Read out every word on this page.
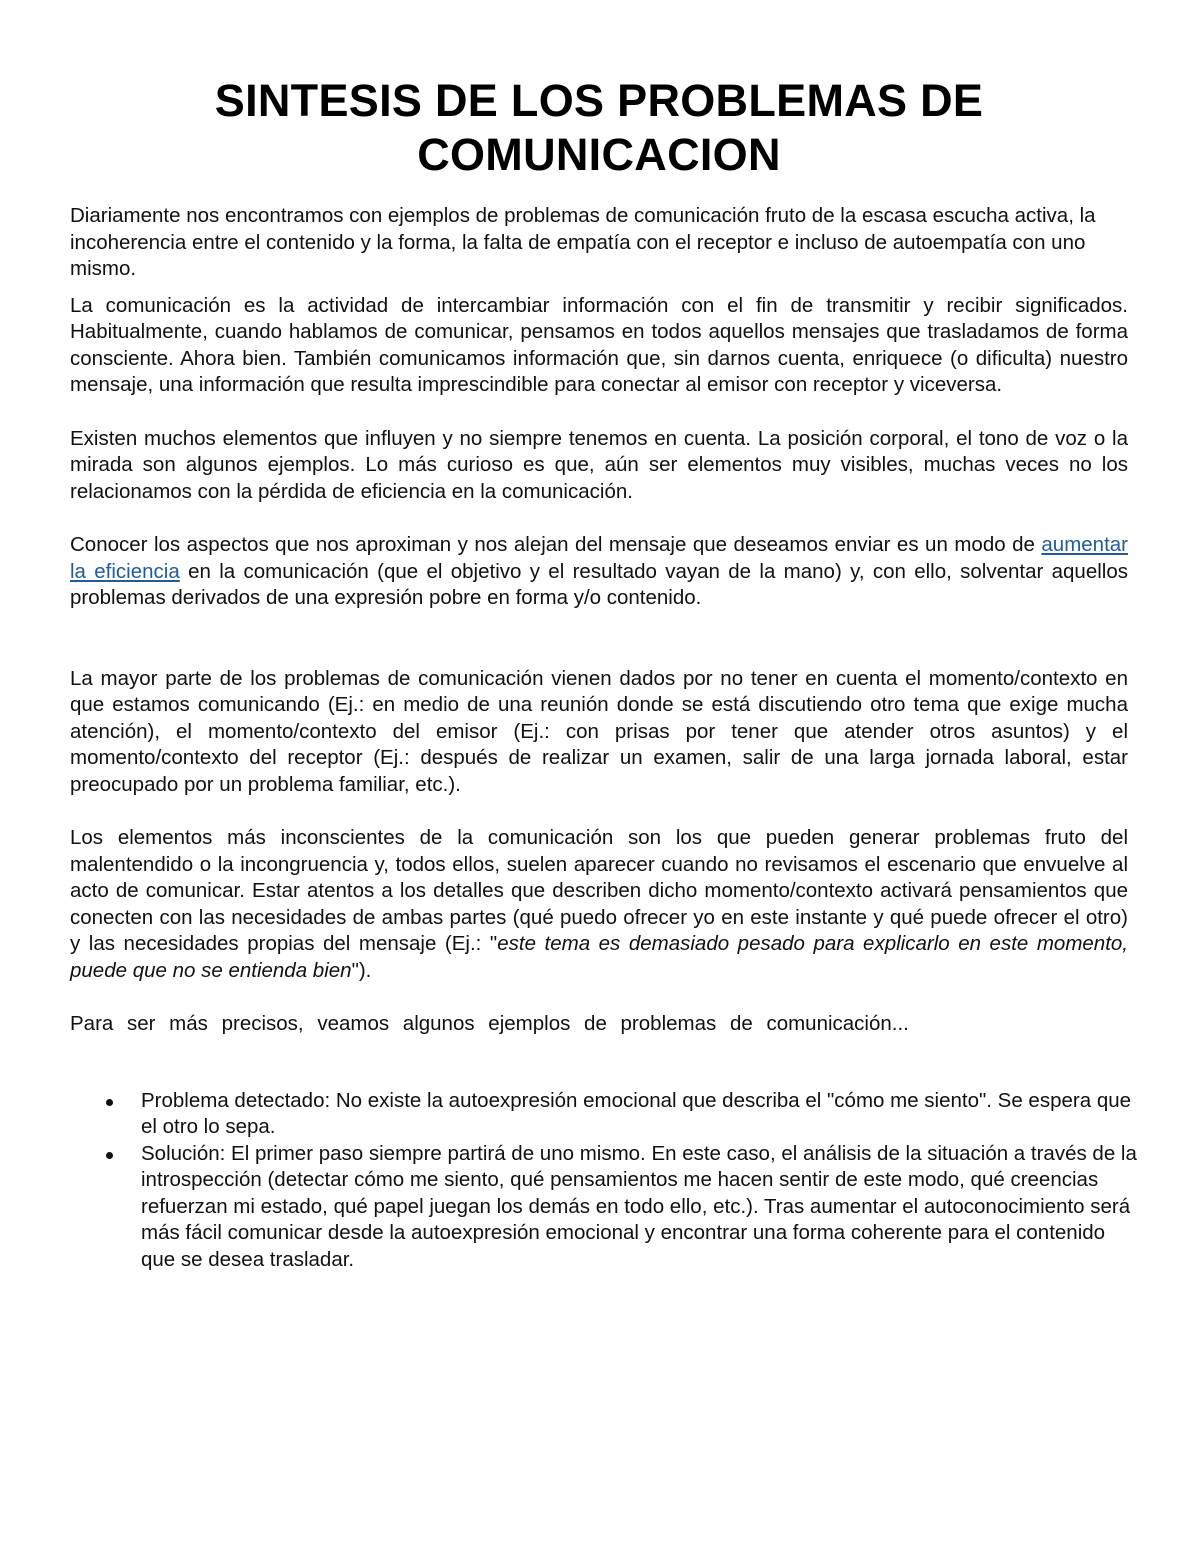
SINTESIS DE LOS PROBLEMAS DE COMUNICACION

Diariamente nos encontramos con ejemplos de problemas de comunicación fruto de la escasa escucha activa, la incoherencia entre el contenido y la forma, la falta de empatía con el receptor e incluso de autoempatía con uno mismo.

La comunicación es la actividad de intercambiar información con el fin de transmitir y recibir significados. Habitualmente, cuando hablamos de comunicar, pensamos en todos aquellos mensajes que trasladamos de forma consciente. Ahora bien. También comunicamos información que, sin darnos cuenta, enriquece (o dificulta) nuestro mensaje, una información que resulta imprescindible para conectar al emisor con receptor y viceversa.

Existen muchos elementos que influyen y no siempre tenemos en cuenta. La posición corporal, el tono de voz o la mirada son algunos ejemplos. Lo más curioso es que, aún ser elementos muy visibles, muchas veces no los relacionamos con la pérdida de eficiencia en la comunicación.

Conocer los aspectos que nos aproximan y nos alejan del mensaje que deseamos enviar es un modo de aumentar la eficiencia en la comunicación (que el objetivo y el resultado vayan de la mano) y, con ello, solventar aquellos problemas derivados de una expresión pobre en forma y/o contenido.

La mayor parte de los problemas de comunicación vienen dados por no tener en cuenta el momento/contexto en que estamos comunicando (Ej.: en medio de una reunión donde se está discutiendo otro tema que exige mucha atención), el momento/contexto del emisor (Ej.: con prisas por tener que atender otros asuntos) y el momento/contexto del receptor (Ej.: después de realizar un examen, salir de una larga jornada laboral, estar preocupado por un problema familiar, etc.).

Los elementos más inconscientes de la comunicación son los que pueden generar problemas fruto del malentendido o la incongruencia y, todos ellos, suelen aparecer cuando no revisamos el escenario que envuelve al acto de comunicar. Estar atentos a los detalles que describen dicho momento/contexto activará pensamientos que conecten con las necesidades de ambas partes (qué puedo ofrecer yo en este instante y qué puede ofrecer el otro) y las necesidades propias del mensaje (Ej.: "este tema es demasiado pesado para explicarlo en este momento, puede que no se entienda bien").

Para ser más precisos, veamos algunos ejemplos de problemas de comunicación...

Problema detectado: No existe la autoexpresión emocional que describa el "cómo me siento". Se espera que el otro lo sepa.
Solución: El primer paso siempre partirá de uno mismo. En este caso, el análisis de la situación a través de la introspección (detectar cómo me siento, qué pensamientos me hacen sentir de este modo, qué creencias refuerzan mi estado, qué papel juegan los demás en todo ello, etc.). Tras aumentar el autoconocimiento será más fácil comunicar desde la autoexpresión emocional y encontrar una forma coherente para el contenido que se desea trasladar.
